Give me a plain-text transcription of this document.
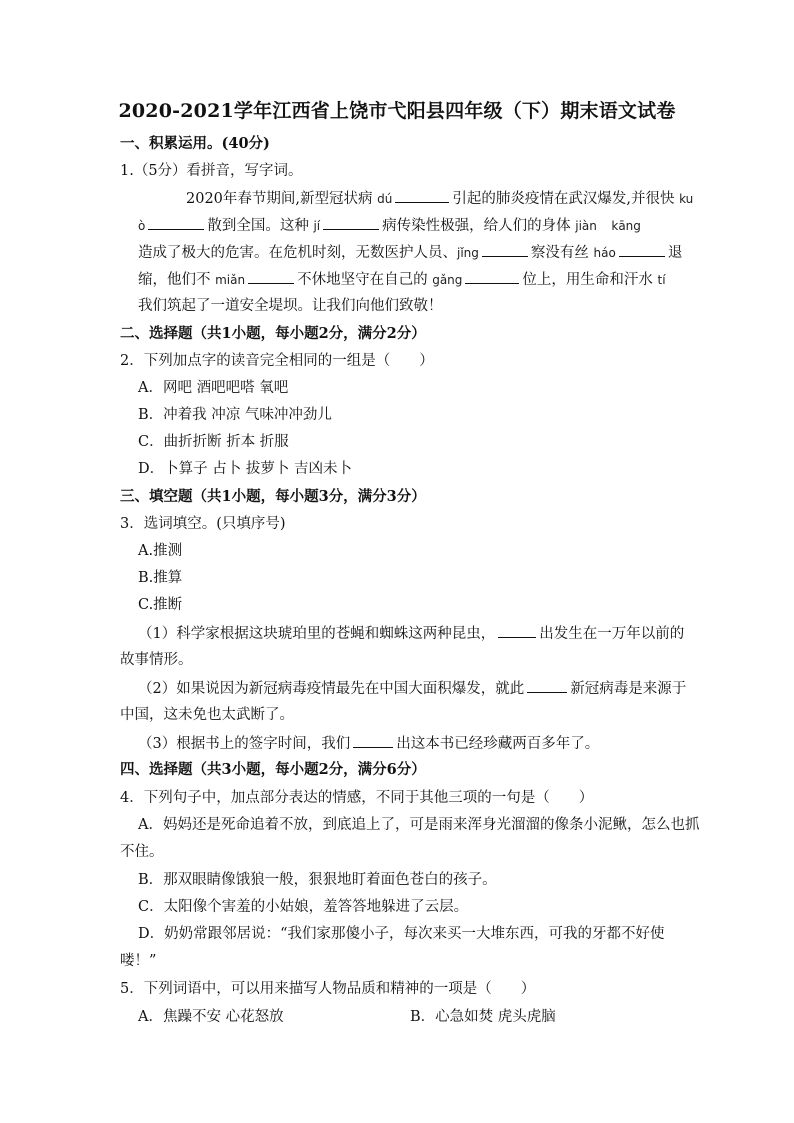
2020-2021学年江西省上饶市弋阳县四年级（下）期末语文试卷
一、积累运用。(40分)
1.（5分）看拼音，写字词。
2020年春节期间,新型冠状病 dú	引起的肺炎疫情在武汉爆发,并很快 ku
ò	散到全国。这种 jí	病传染性极强，给人们的身体 jiàn　 kāng
造成了极大的危害。在危机时刻，无数医护人员、jǐng	察没有丝 háo	退
缩，他们不 miǎn	不休地坚守在自己的 gǎng	位上，用生命和汗水 tí
我们筑起了一道安全堤坝。让我们向他们致敬！
二、选择题（共1小题，每小题2分，满分2分）
2．下列加点字的读音完全相同的一组是（　　）
A．网吧 酒吧吧嗒 氧吧
B．冲着我 冲凉 气味冲冲劲儿
C．曲折折断 折本 折服
D．卜算子 占卜 拔萝卜 吉凶未卜
三、填空题（共1小题，每小题3分，满分3分）
3．选词填空。(只填序号)
A.推测
B.推算
C.推断
（1）科学家根据这块琥珀里的苍蝇和蜘蛛这两种昆虫，	出发生在一万年以前的
故事情形。
（2）如果说因为新冠病毒疫情最先在中国大面积爆发，就此	新冠病毒是来源于
中国，这未免也太武断了。
（3）根据书上的签字时间，我们	出这本书已经珍藏两百多年了。
四、选择题（共3小题，每小题2分，满分6分）
4．下列句子中，加点部分表达的情感，不同于其他三项的一句是（　　）
A．妈妈还是死命追着不放，到底追上了，可是雨来浑身光溜溜的像条小泥鳅，怎么也抓
不住。
B．那双眼睛像饿狼一般，狠狠地盯着面色苍白的孩子。
C．太阳像个害羞的小姑娘，羞答答地躲进了云层。
D．奶奶常跟邻居说：“我们家那傻小子，每次来买一大堆东西，可我的牙都不好使
喽！”
5．下列词语中，可以用来描写人物品质和精神的一项是（　　）
A．焦躁不安 心花怒放	B．心急如焚 虎头虎脑
